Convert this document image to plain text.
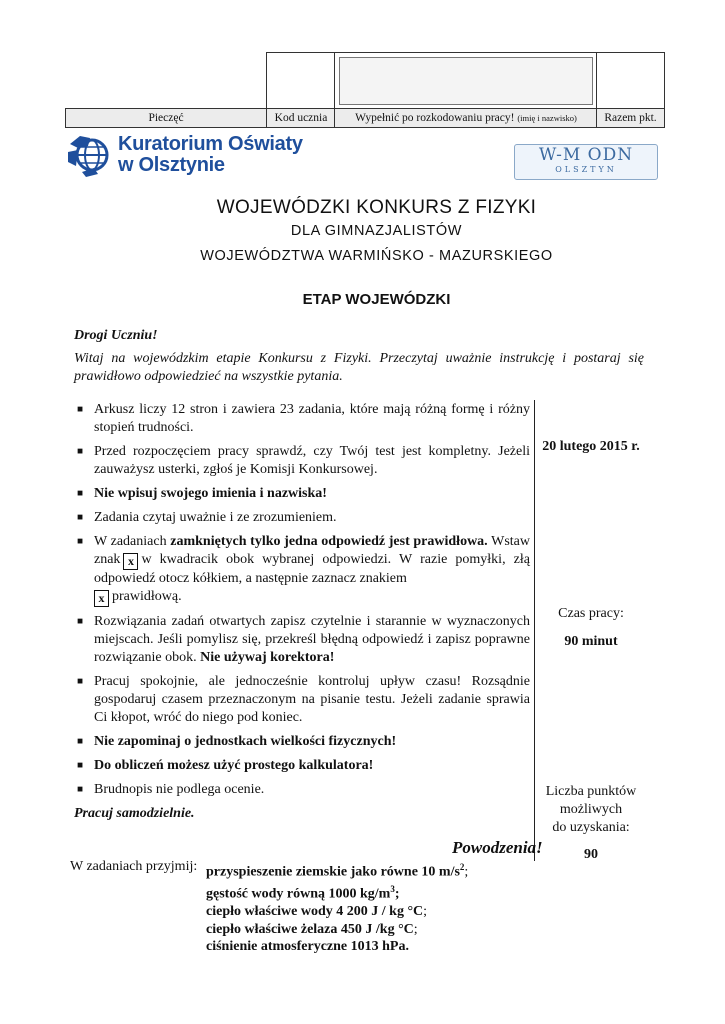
Pieczęć	Kod ucznia	Wypełnić po rozkodowaniu pracy! (imię i nazwisko)	Razem pkt.
Kuratorium Oświaty
w Olsztynie	W-M ODN
OLSZTYN
WOJEWÓDZKI KONKURS Z FIZYKI
DLA GIMNAZJALISTÓW
WOJEWÓDZTWA WARMIŃSKO - MAZURSKIEGO
ETAP WOJEWÓDZKI
Drogi Uczniu!
Witaj na wojewódzkim etapie Konkursu z Fizyki. Przeczytaj uważnie instrukcję i postaraj się prawidłowo odpowiedzieć na wszystkie pytania.
■ Arkusz liczy 12 stron i zawiera 23 zadania, które mają różną formę i różny stopień trudności.
■ Przed rozpoczęciem pracy sprawdź, czy Twój test jest kompletny. Jeżeli zauważysz usterki, zgłoś je Komisji Konkursowej.
■ Nie wpisuj swojego imienia i nazwiska!
■ Zadania czytaj uważnie i ze zrozumieniem.
■ W zadaniach zamkniętych tylko jedna odpowiedź jest prawidłowa. Wstaw znak x w kwadracik obok wybranej odpowiedzi. W razie pomyłki, złą odpowiedź otocz kółkiem, a następnie zaznacz znakiem
x prawidłową.
■ Rozwiązania zadań otwartych zapisz czytelnie i starannie w wyznaczonych miejscach. Jeśli pomylisz się, przekreśl błędną odpowiedź i zapisz poprawne rozwiązanie obok. Nie używaj korektora!
■ Pracuj spokojnie, ale jednocześnie kontroluj upływ czasu! Rozsądnie gospodaruj czasem przeznaczonym na pisanie testu. Jeżeli zadanie sprawia Ci kłopot, wróć do niego pod koniec.
■ Nie zapominaj o jednostkach wielkości fizycznych!
■ Do obliczeń możesz użyć prostego kalkulatora!
■ Brudnopis nie podlega ocenie.
20 lutego 2015 r.
Czas pracy:
90 minut
Liczba punktów
możliwych
do uzyskania:
90
Pracuj samodzielnie.
Powodzenia!
W zadaniach przyjmij: przyspieszenie ziemskie jako równe 10 $m/s^2$;
gęstość wody równą 1000 $kg/m^3$;
ciepło właściwe wody 4 200 J / kg °C;
ciepło właściwe żelaza 450 J /kg °C;
ciśnienie atmosferyczne 1013 hPa.
